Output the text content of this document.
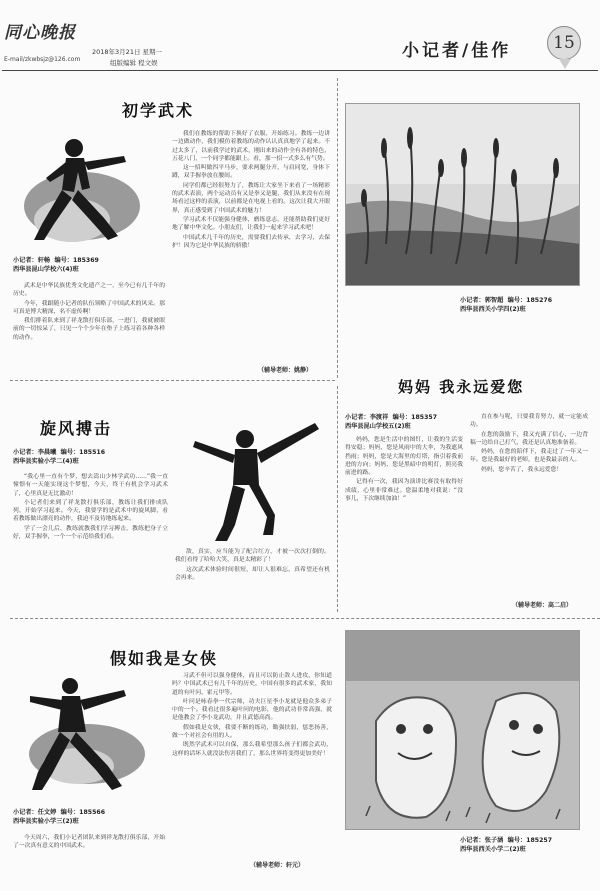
同心晚报
2018年3月21日 星期一
E-mail/zkwbsjz@126.com	组版编辑 程文娱
小记者/佳作 15
初学武术
小记者：轩畅 编号：185369
西华县昆山学校六(4)班

武术是中华民族优秀文化遗产之一，至今已有几千年的历史。

今年，我跟随小记者的队伍领略了中国武术的风采。那可真是博大精深，名不虚传啊！

我们排着队来到了祥龙散打俱乐部，一进门，我就被眼前的一切惊呆了，只见一个个少年在垫子上练习着各种各样的动作。

我们在教练的帮助下换好了衣服，开始练习。教练一边讲一边做动作，我们模仿着教练的动作认认真真地学了起来。不过太多了，以前我学过的武术，刚出来的动作全有各的特色，五花八门，一个同学都能跟上。看，那一招一式多么有气势。

这一招叫做四平马步，要求两腿分开，与肩同宽，身体下蹲，双手握拳放在腰间。

同学们都已经很努力了，教练让大家坐下来看了一场精彩的武术表演，两个运动员有又是拳又是腿，我们从来没有在现场看过这样的表演，以前都是在电视上看的。这次让我大开眼界，真正感受到了中国武术的魅力！

学习武术不仅能强身健体，磨练意志，还能帮助我们更好地了解中华文化。小朋友们，让我们一起来学习武术吧！

中国武术几千年的历史，需要我们去传承，去学习，去保护！因为它是中华民族的骄傲！

（辅导老师：姚静）
小记者：郭智超 编号：185276
西华县西关小学四(2)班
妈妈 我永远爱您
小记者：李渡祥 编号：185357
西华县昆山学校五(2)班

妈妈，您是生活中的图钉，让我的生活变得安稳；妈妈，您是风雨中的大伞，为我遮风挡雨；妈妈，您是大海里的灯塔，指引着我前进的方向；妈妈，您是黑暗中的明灯，照亮我前进的路。

记得有一次，我因为演讲比赛没有取得好成绩，心里非常难过。您温柔地对我说：“没事儿，下次继续加油！”

直在参与呢，只要我肯努力，就一定能成功。

在您的鼓励下，我又充满了信心，一边背稿一边给自己打气，我还是认真地准备着。

妈妈，在您的陪伴下，我走过了一年又一年。您是我最好的老师，也是我最亲的人。

妈妈，您辛苦了，我永远爱您！

（辅导老师：高二启）
旋风搏击
小记者：李晨曦 编号：185516
西华县实验小学二(4)班

“我心里一直有个梦，想去嵩山少林学武功……”我一直憧憬有一天能实现这个梦想，今天，终于有机会学习武术了，心里真是无比激动！

小记者们来到了祥龙散打俱乐部，教练让我们排成队列，开始学习起来。今天，我要学的是武术中的旋风脚，看着教练做出漂亮的动作，我迫不及待地练起来。

学了一会儿后，教练就教我们学习搏击，教练把身子立好，双手握拳，一个一个示范给我们看。

敌，真实，应当能为了配合红方，才被一次次打倒的。我们看得了哈哈大笑，真是太精彩了！

这次武术体验时间很短，却让人很难忘，真希望还有机会再来。

假如我是女侠
小记者：任文婷 编号：185566
西华县实验小学三(2)班

今天周六，我们小记者团队来到祥龙散打俱乐部，开始了一次真有意义的中国武术。

习武不但可以强身健体，而且可以防止敌人进攻，你知道吗？中国武术已有几千年的历史，中国有很多的武术家，我知道的有叶问、霍元甲等。

叶问是咏春拳一代宗师，功夫巨星李小龙就是他众多弟子中的一个。我看过很多遍叶问的电影，他的武功非常高强，就是他教会了李小龙武功，并且武德高尚。

假如我是女侠，我要不断的练功，锄强扶弱，惩恶扬善，做一个对社会有用的人。

既然学武术可以自保，那么我希望那么孩子们都会武功，这样的话坏人就没法伤害我们了，那么世界将变得更加美好！

（辅导老师：轩元）
小记者：张子涵 编号：185257
西华县西关小学二(2)班
